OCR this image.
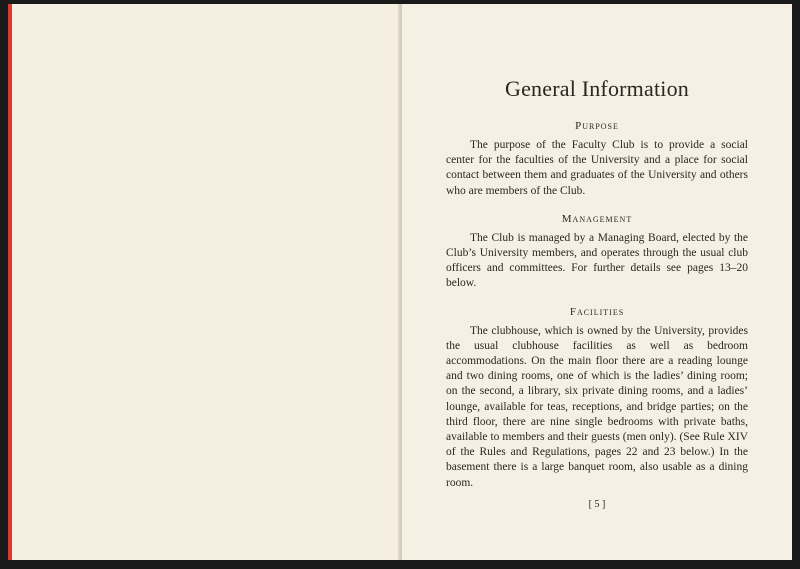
General Information
Purpose

The purpose of the Faculty Club is to provide a social center for the faculties of the University and a place for social contact between them and graduates of the University and others who are members of the Club.

Management

The Club is managed by a Managing Board, elected by the Club’s University members, and operates through the usual club officers and committees. For further details see pages 13–20 below.

Facilities

The clubhouse, which is owned by the University, provides the usual clubhouse facilities as well as bedroom accommodations. On the main floor there are a reading lounge and two dining rooms, one of which is the ladies’ dining room; on the second, a library, six private dining rooms, and a ladies’ lounge, available for teas, receptions, and bridge parties; on the third floor, there are nine single bedrooms with private baths, available to members and their guests (men only). (See Rule XIV of the Rules and Regulations, pages 22 and 23 below.) In the basement there is a large banquet room, also usable as a dining room.

[ 5 ]
